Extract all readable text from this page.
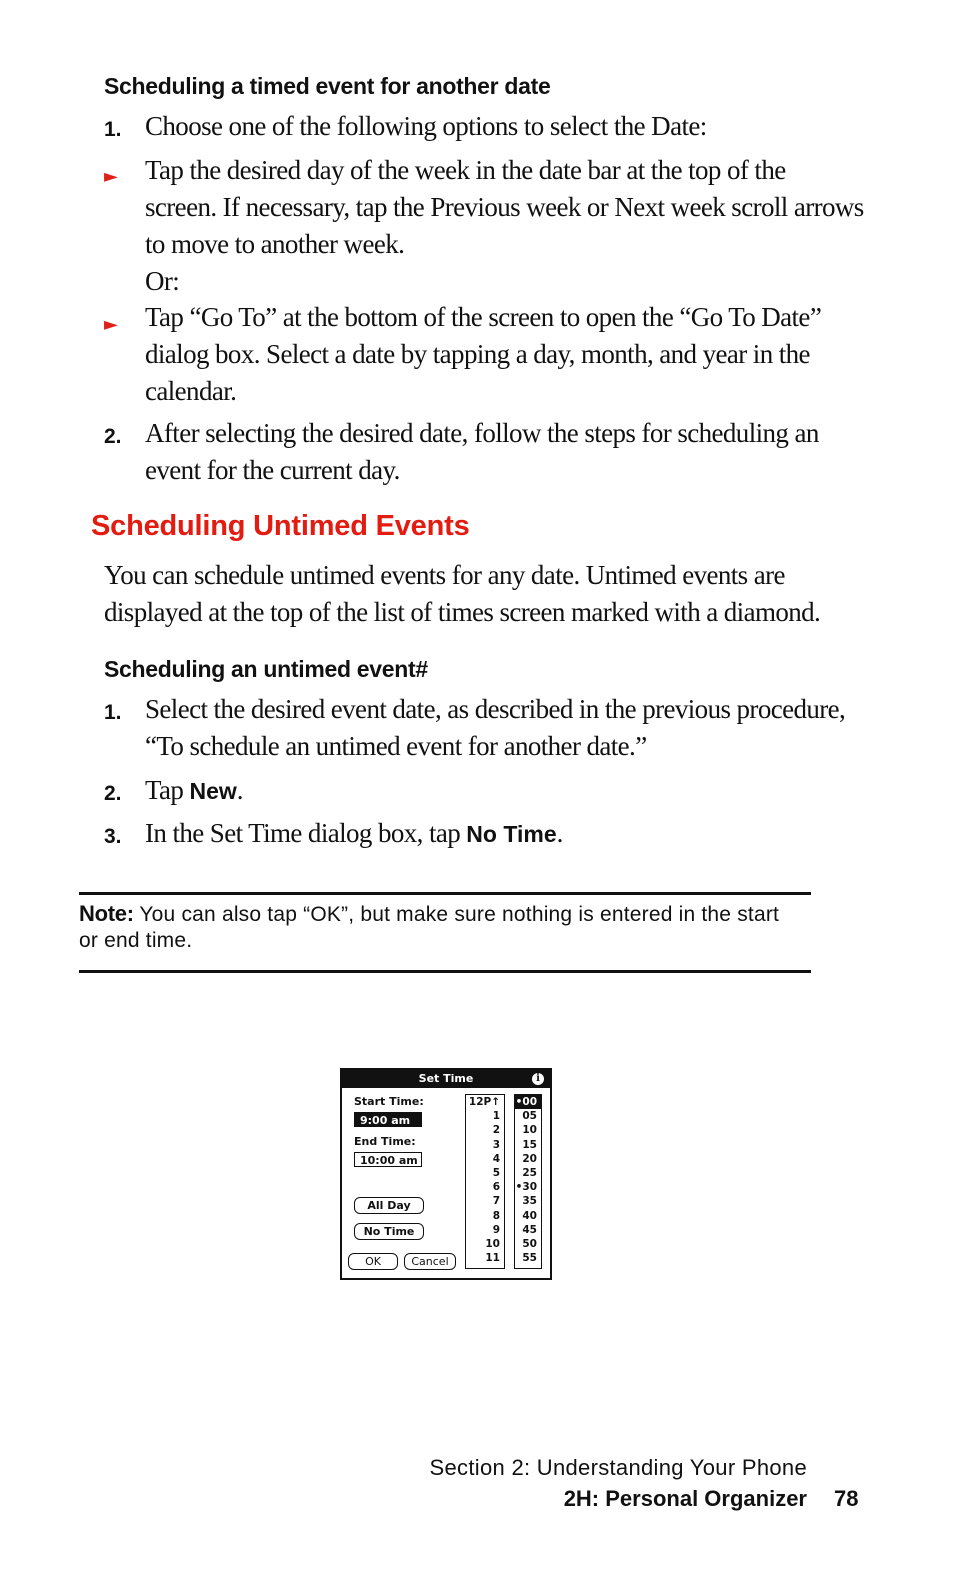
Scheduling a timed event for another date
1. Choose one of the following options to select the Date:
► Tap the desired day of the week in the date bar at the top of the
screen. If necessary, tap the Previous week or Next week scroll arrows
to move to another week.
Or:
► Tap “Go To” at the bottom of the screen to open the “Go To Date”
dialog box. Select a date by tapping a day, month, and year in the
calendar.
2. After selecting the desired date, follow the steps for scheduling an
event for the current day.
Scheduling Untimed Events
You can schedule untimed events for any date. Untimed events are
displayed at the top of the list of times screen marked with a diamond.
Scheduling an untimed event#
1. Select the desired event date, as described in the previous procedure,
“To schedule an untimed event for another date.”
2. Tap New.
3. In the Set Time dialog box, tap No Time.
Note: You can also tap “OK”, but make sure nothing is entered in the start
or end time.
Set Time	i
Start Time:
9:00 am
End Time:
10:00 am
All Day
No Time
OK	Cancel
12P↑
1
2
3
4
5
6
7
8
9
10
11
•00
05
10
15
20
25
•30
35
40
45
50
55
Section 2: Understanding Your Phone
2H: Personal Organizer 78
